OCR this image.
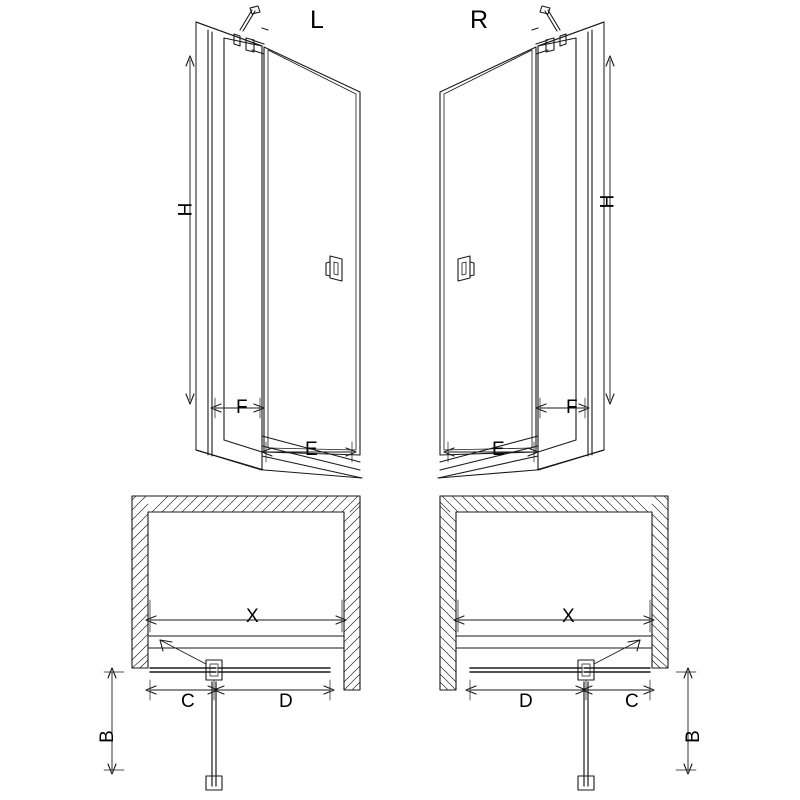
L	R
H
F
E
H
F
E
X
B
C	D
X
B
D	C
